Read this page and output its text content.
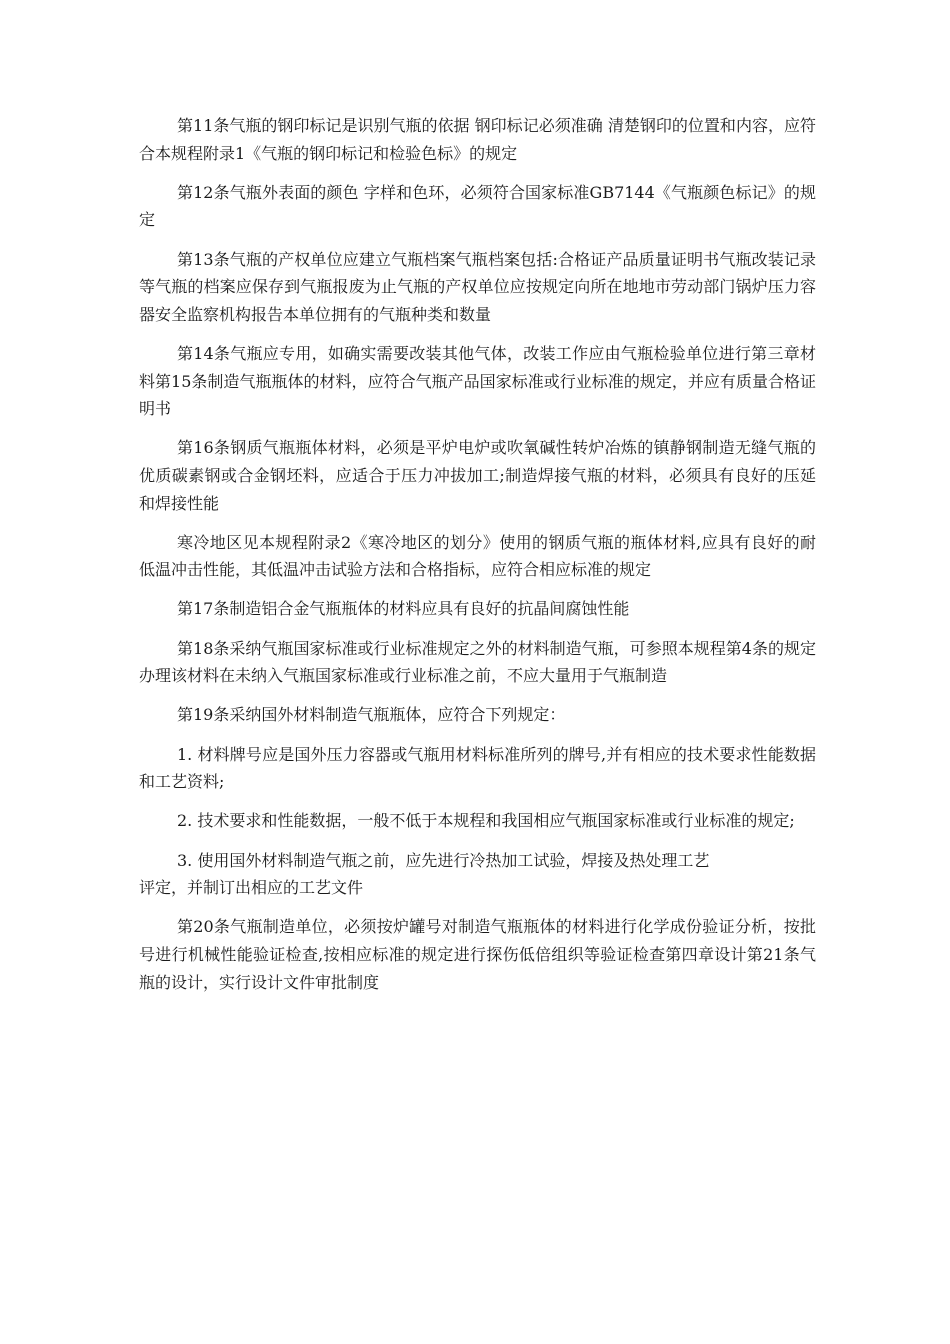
第11条气瓶的钢印标记是识别气瓶的依据 钢印标记必须准确 清楚钢印的位置和内容，应符合本规程附录1《气瓶的钢印标记和检验色标》的规定

第12条气瓶外表面的颜色 字样和色环，必须符合国家标准GB7144《气瓶颜色标记》的规定

第13条气瓶的产权单位应建立气瓶档案气瓶档案包括:合格证产品质量证明书气瓶改装记录等气瓶的档案应保存到气瓶报废为止气瓶的产权单位应按规定向所在地地市劳动部门锅炉压力容器安全监察机构报告本单位拥有的气瓶种类和数量

第14条气瓶应专用，如确实需要改装其他气体，改装工作应由气瓶检验单位进行第三章材料第15条制造气瓶瓶体的材料，应符合气瓶产品国家标准或行业标准的规定，并应有质量合格证明书

第16条钢质气瓶瓶体材料，必须是平炉电炉或吹氧碱性转炉冶炼的镇静钢制造无缝气瓶的优质碳素钢或合金钢坯料，应适合于压力冲拔加工;制造焊接气瓶的材料，必须具有良好的压延和焊接性能

寒冷地区见本规程附录2《寒冷地区的划分》使用的钢质气瓶的瓶体材料,应具有良好的耐低温冲击性能，其低温冲击试验方法和合格指标，应符合相应标准的规定

第17条制造铝合金气瓶瓶体的材料应具有良好的抗晶间腐蚀性能

第18条采纳气瓶国家标准或行业标准规定之外的材料制造气瓶，可参照本规程第4条的规定办理该材料在未纳入气瓶国家标准或行业标准之前，不应大量用于气瓶制造

第19条采纳国外材料制造气瓶瓶体，应符合下列规定：

1. 材料牌号应是国外压力容器或气瓶用材料标准所列的牌号,并有相应的技术要求性能数据和工艺资料;

2. 技术要求和性能数据，一般不低于本规程和我国相应气瓶国家标准或行业标准的规定;

3. 使用国外材料制造气瓶之前，应先进行冷热加工试验，焊接及热处理工艺
评定，并制订出相应的工艺文件

第20条气瓶制造单位，必须按炉罐号对制造气瓶瓶体的材料进行化学成份验证分析，按批号进行机械性能验证检查,按相应标准的规定进行探伤低倍组织等验证检查第四章设计第21条气瓶的设计，实行设计文件审批制度
